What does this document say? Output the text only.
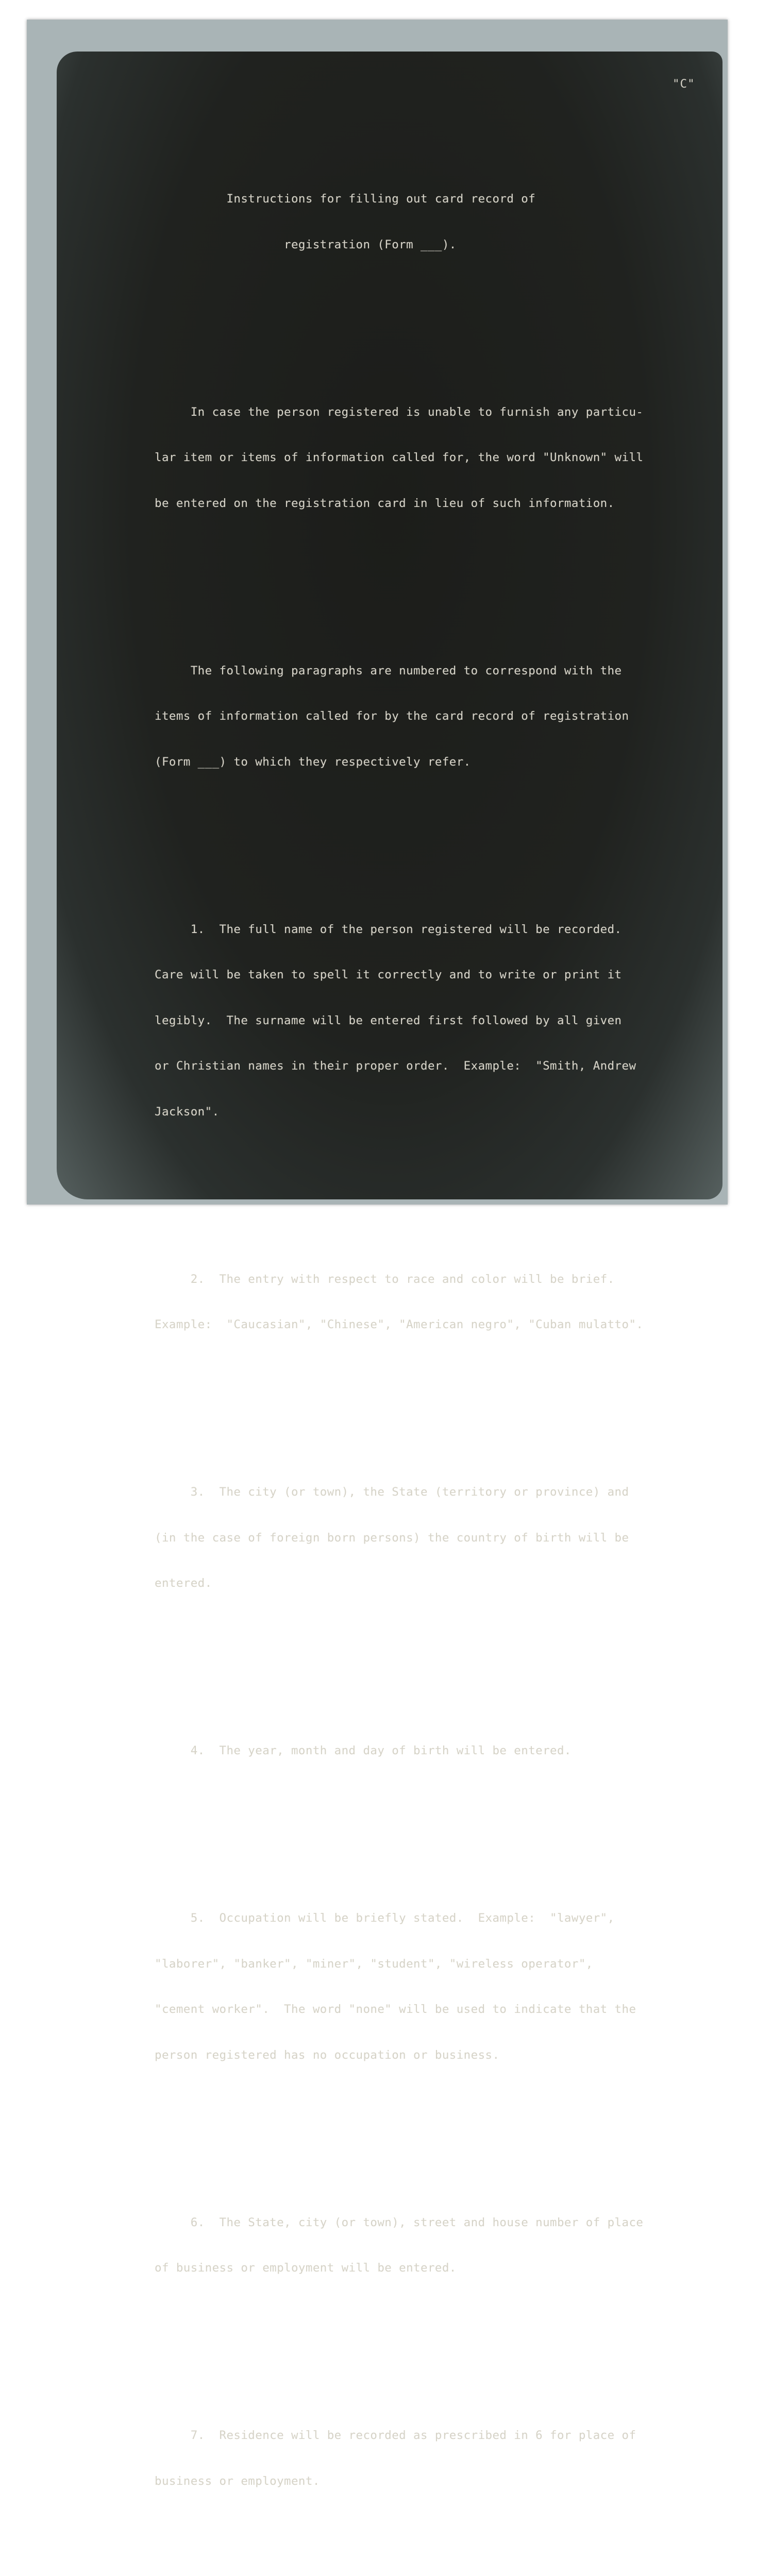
"C"

Instructions for filling out card record of

registration (Form ___).

In case the person registered is unable to furnish any particu-

lar item or items of information called for, the word "Unknown" will

be entered on the registration card in lieu of such information.

The following paragraphs are numbered to correspond with the

items of information called for by the card record of registration

(Form ___) to which they respectively refer.

1.  The full name of the person registered will be recorded.

Care will be taken to spell it correctly and to write or print it

legibly.  The surname will be entered first followed by all given

or Christian names in their proper order.  Example:  "Smith, Andrew

Jackson".

2.  The entry with respect to race and color will be brief.

Example:  "Caucasian", "Chinese", "American negro", "Cuban mulatto".

3.  The city (or town), the State (territory or province) and

(in the case of foreign born persons) the country of birth will be

entered.

4.  The year, month and day of birth will be entered.

5.  Occupation will be briefly stated.  Example:  "lawyer",

"laborer", "banker", "miner", "student", "wireless operator",

"cement worker".  The word "none" will be used to indicate that the

person registered has no occupation or business.

6.  The State, city (or town), street and house number of place

of business or employment will be entered.

7.  Residence will be recorded as prescribed in 6 for place of

business or employment.
